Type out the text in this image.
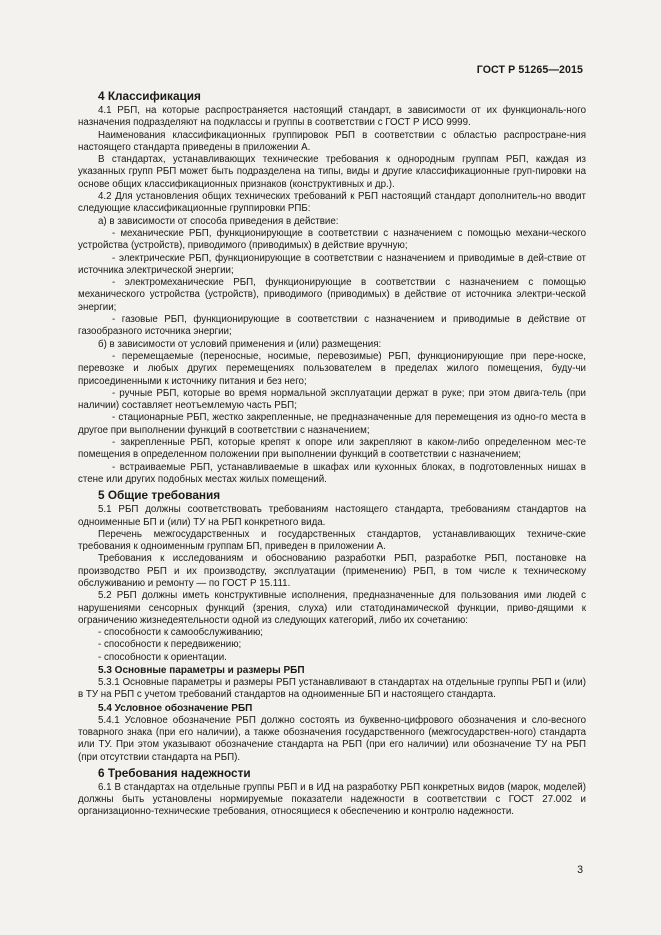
ГОСТ Р 51265—2015

4 Классификация

4.1 РБП, на которые распространяется настоящий стандарт, в зависимости от их функциональ-ного назначения подразделяют на подклассы и группы в соответствии с ГОСТ Р ИСО 9999.

Наименования классификационных группировок РБП в соответствии с областью распростране-ния настоящего стандарта приведены в приложении А.

В стандартах, устанавливающих технические требования к однородным группам РБП, каждая из указанных групп РБП может быть подразделена на типы, виды и другие классификационные груп-пировки на основе общих классификационных признаков (конструктивных и др.).

4.2 Для установления общих технических требований к РБП настоящий стандарт дополнитель-но вводит следующие классификационные группировки РПБ:

а) в зависимости от способа приведения в действие:

- механические РБП, функционирующие в соответствии с назначением с помощью механи-ческого устройства (устройств), приводимого (приводимых) в действие вручную;

- электрические РБП, функционирующие в соответствии с назначением и приводимые в дей-ствие от источника электрической энергии;

- электромеханические РБП, функционирующие в соответствии с назначением с помощью механического устройства (устройств), приводимого (приводимых) в действие от источника электри-ческой энергии;

- газовые РБП, функционирующие в соответствии с назначением и приводимые в действие от газообразного источника энергии;

б) в зависимости от условий применения и (или) размещения:

- перемещаемые (переносные, носимые, перевозимые) РБП, функционирующие при пере-носке, перевозке и любых других перемещениях пользователем в пределах жилого помещения, буду-чи присоединенными к источнику питания и без него;

- ручные РБП, которые во время нормальной эксплуатации держат в руке; при этом двига-тель (при наличии) составляет неотъемлемую часть РБП;

- стационарные РБП, жестко закрепленные, не предназначенные для перемещения из одно-го места в другое при выполнении функций в соответствии с назначением;

- закрепленные РБП, которые крепят к опоре или закрепляют в каком-либо определенном мес-те помещения в определенном положении при выполнении функций в соответствии с назначением;

- встраиваемые РБП, устанавливаемые в шкафах или кухонных блоках, в подготовленных нишах в стене или других подобных местах жилых помещений.

5 Общие требования

5.1 РБП должны соответствовать требованиям настоящего стандарта, требованиям стандартов на одноименные БП и (или) ТУ на РБП конкретного вида.

Перечень межгосударственных и государственных стандартов, устанавливающих техниче-ские требования к одноименным группам БП, приведен в приложении А.

Требования к исследованиям и обоснованию разработки РБП, разработке РБП, постановке на производство РБП и их производству, эксплуатации (применению) РБП, в том числе к техническому обслуживанию и ремонту — по ГОСТ Р 15.111.

5.2 РБП должны иметь конструктивные исполнения, предназначенные для пользования ими людей с нарушениями сенсорных функций (зрения, слуха) или статодинамической функции, приво-дящими к ограничению жизнедеятельности одной из следующих категорий, либо их сочетанию:

- способности к самообслуживанию;

- способности к передвижению;

- способности к ориентации.

5.3 Основные параметры и размеры РБП

5.3.1 Основные параметры и размеры РБП устанавливают в стандартах на отдельные группы РБП и (или) в ТУ на РБП с учетом требований стандартов на одноименные БП и настоящего стандарта.

5.4 Условное обозначение РБП

5.4.1 Условное обозначение РБП должно состоять из буквенно-цифрового обозначения и сло-весного товарного знака (при его наличии), а также обозначения государственного (межгосударствен-ного) стандарта или ТУ. При этом указывают обозначение стандарта на РБП (при его наличии) или обозначение ТУ на РБП (при отсутствии стандарта на РБП).

6 Требования надежности

6.1 В стандартах на отдельные группы РБП и в ИД на разработку РБП конкретных видов (марок, моделей) должны быть установлены нормируемые показатели надежности в соответствии с ГОСТ 27.002 и организационно-технические требования, относящиеся к обеспечению и контролю надежности.

3
